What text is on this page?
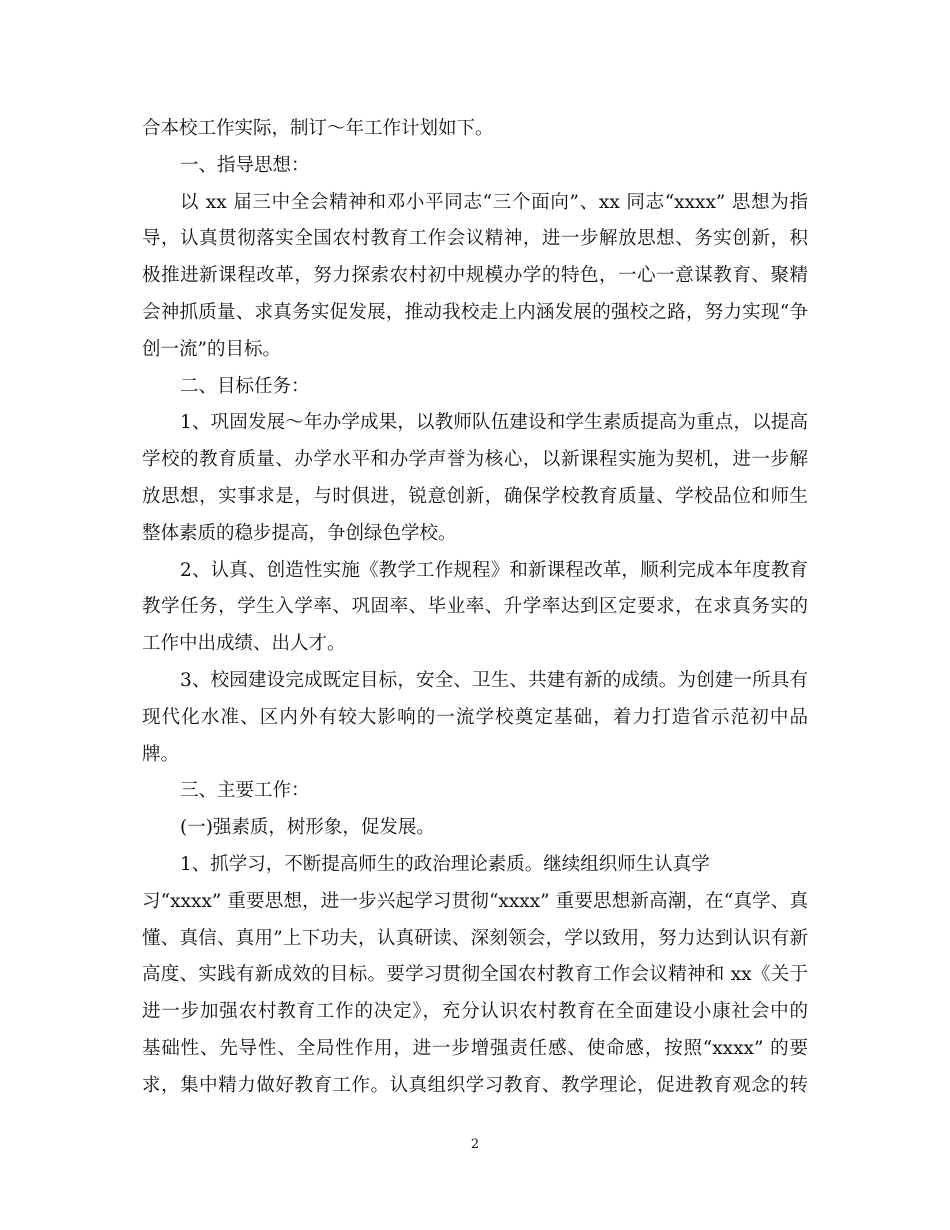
合本校工作实际，制订～年工作计划如下。
一、指导思想：
以 xx 届三中全会精神和邓小平同志“三个面向”、xx 同志“xxxx” 思想为指
导，认真贯彻落实全国农村教育工作会议精神，进一步解放思想、务实创新，积
极推进新课程改革，努力探索农村初中规模办学的特色，一心一意谋教育、聚精
会神抓质量、求真务实促发展，推动我校走上内涵发展的强校之路，努力实现“争
创一流”的目标。
二、目标任务：
1、巩固发展～年办学成果，以教师队伍建设和学生素质提高为重点，以提高
学校的教育质量、办学水平和办学声誉为核心，以新课程实施为契机，进一步解
放思想，实事求是，与时俱进，锐意创新，确保学校教育质量、学校品位和师生
整体素质的稳步提高，争创绿色学校。
2、认真、创造性实施《教学工作规程》和新课程改革，顺利完成本年度教育
教学任务，学生入学率、巩固率、毕业率、升学率达到区定要求，在求真务实的
工作中出成绩、出人才。
3、校园建设完成既定目标，安全、卫生、共建有新的成绩。为创建一所具有
现代化水准、区内外有较大影响的一流学校奠定基础，着力打造省示范初中品
牌。
三、主要工作：
(一)强素质，树形象，促发展。
1、抓学习，不断提高师生的政治理论素质。继续组织师生认真学
习“xxxx” 重要思想，进一步兴起学习贯彻“xxxx” 重要思想新高潮，在“真学、真
懂、真信、真用”上下功夫，认真研读、深刻领会，学以致用，努力达到认识有新
高度、实践有新成效的目标。要学习贯彻全国农村教育工作会议精神和 xx《关于
进一步加强农村教育工作的决定》，充分认识农村教育在全面建设小康社会中的
基础性、先导性、全局性作用，进一步增强责任感、使命感，按照“xxxx” 的要
求，集中精力做好教育工作。认真组织学习教育、教学理论，促进教育观念的转
2
